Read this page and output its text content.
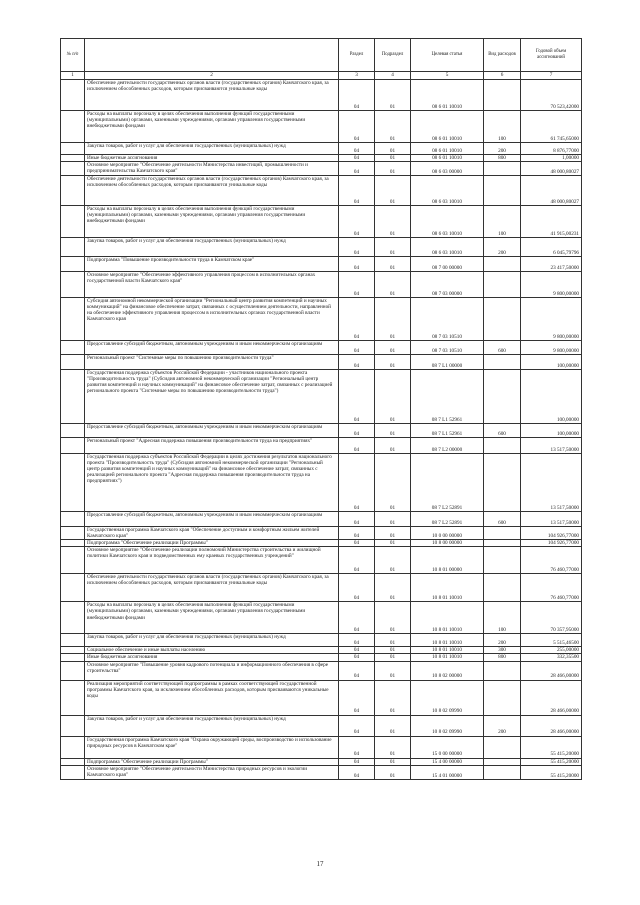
№ п/п		Раздел	Подраздел	Целевая статья	Вид расходов	Годовой объем ассигнований
1	2	3	4	5	6	7
	Обеспечение деятельности государственных органов власти (государственных органов) Камчатского края, за исключением обособленных расходов, которым присваиваются уникальные коды	04	01	08 6 01 10010		70 523,42000
	Расходы на выплаты персоналу в целях обеспечения выполнения функций государственными (муниципальными) органами, казенными учреждениями, органами управления государственными внебюджетными фондами	04	01	08 6 01 10010	100	61 745,65000
	Закупка товаров, работ и услуг для обеспечения государственных (муниципальных) нужд	04	01	08 6 01 10010	200	8 876,77000
	Иные бюджетные ассигнования	04	01	08 6 01 10010	800	1,00000
	Основное мероприятие "Обеспечение деятельности Министерства инвестиций, промышленности и предпринимательства Камчатского края"	04	01	08 6 03 00000		48 000,80027
	Обеспечение деятельности государственных органов власти (государственных органов) Камчатского края, за исключением обособленных расходов, которым присваиваются уникальные коды	04	01	08 6 03 10010		48 000,80027
	Расходы на выплаты персоналу в целях обеспечения выполнения функций государственными (муниципальными) органами, казенными учреждениями, органами управления государственными внебюджетными фондами	04	01	08 6 03 10010	100	41 915,00231
	Закупка товаров, работ и услуг для обеспечения государственных (муниципальных) нужд	04	01	08 6 03 10010	200	6 045,79796
	Подпрограмма "Повышение производительности труда в Камчатском крае"	04	01	08 7 00 00000		23 417,50000
	Основное мероприятие "Обеспечение эффективного управления процессом в исполнительных органах государственной власти Камчатского края"	04	01	08 7 03 00000		9 800,00000
	Субсидия автономной некоммерческой организации "Региональный центр развития компетенций и научных коммуникаций" на финансовое обеспечение затрат, связанных с осуществлением деятельности, направленной на обеспечение эффективного управления процессом в исполнительных органах государственной власти Камчатского края	04	01	08 7 03 10510		9 800,00000
	Предоставление субсидий бюджетным, автономным учреждениям и иным некоммерческим организациям	04	01	08 7 03 10510	600	9 800,00000
	Региональный проект "Системные меры по повышению производительности труда"	04	01	08 7 L1 00000		100,00000
	Государственная поддержка субъектов Российской Федерации - участников национального проекта "Производительность труда" (Субсидия автономной некоммерческой организации "Региональный центр развития компетенций и научных коммуникаций" на финансовое обеспечение затрат, связанных с реализацией регионального проекта "Системные меры по повышению производительности труда")	04	01	08 7 L1 52961		100,00000
	Предоставление субсидий бюджетным, автономным учреждениям и иным некоммерческим организациям	04	01	08 7 L1 52961	600	100,00000
	Региональный проект "Адресная поддержка повышения производительности труда на предприятиях"	04	01	08 7 L2 00000		13 517,50000
	Государственная поддержка субъектов Российской Федерации в целях достижения результатов национального проекта "Производительность труда" (Субсидия автономной некоммерческой организации "Региональный центр развития компетенций и научных коммуникаций" на финансовое обеспечение затрат, связанных с реализацией регионального проекта "Адресная поддержка повышения производительности труда на предприятиях")	04	01	08 7 L2 52891		13 517,50000
	Предоставление субсидий бюджетным, автономным учреждениям и иным некоммерческим организациям	04	01	08 7 L2 52891	600	13 517,50000
	Государственная программа Камчатского края "Обеспечение доступным и комфортным жильем жителей Камчатского края"	04	01	10 0 00 00000		104 926,77000
	Подпрограмма "Обеспечение реализации Программы"	04	01	10 8 00 00000		104 926,77000
	Основное мероприятие "Обеспечение реализации полномочий Министерства строительства и жилищной политики Камчатского края и подведомственных ему краевых государственных учреждений"	04	01	10 8 01 00000		76 460,77000
	Обеспечение деятельности государственных органов власти (государственных органов) Камчатского края, за исключением обособленных расходов, которым присваиваются уникальные коды	04	01	10 8 01 10010		76 460,77000
	Расходы на выплаты персоналу в целях обеспечения выполнения функций государственными (муниципальными) органами, казенными учреждениями, органами управления государственными внебюджетными фондами	04	01	10 8 01 10010	100	70 357,95000
	Закупка товаров, работ и услуг для обеспечения государственных (муниципальных) нужд	04	01	10 8 01 10010	200	5 515,46500
	Социальное обеспечение и иные выплаты населению	04	01	10 8 01 10010	300	255,00000
	Иные бюджетные ассигнования	04	01	10 8 01 10010	800	332,35500
	Основное мероприятие "Повышение уровня кадрового потенциала и информационного обеспечения в сфере строительства"	04	01	10 8 02 00000		28 466,00000
	Реализация мероприятий соответствующей подпрограммы в рамках соответствующей государственной программы Камчатского края, за исключением обособленных расходов, которым присваиваются уникальные коды	04	01	10 8 02 09990		28 466,00000
	Закупка товаров, работ и услуг для обеспечения государственных (муниципальных) нужд	04	01	10 8 02 09990	200	28 466,00000
	Государственная программа Камчатского края "Охрана окружающей среды, воспроизводство и использование природных ресурсов в Камчатском крае"	04	01	15 0 00 00000		55 415,20000
	Подпрограмма "Обеспечение реализации Программы"	04	01	15 4 00 00000		55 415,20000
	Основное мероприятие "Обеспечение деятельности Министерства природных ресурсов и экологии Камчатского края"	04	01	15 4 01 00000		55 415,20000
17
